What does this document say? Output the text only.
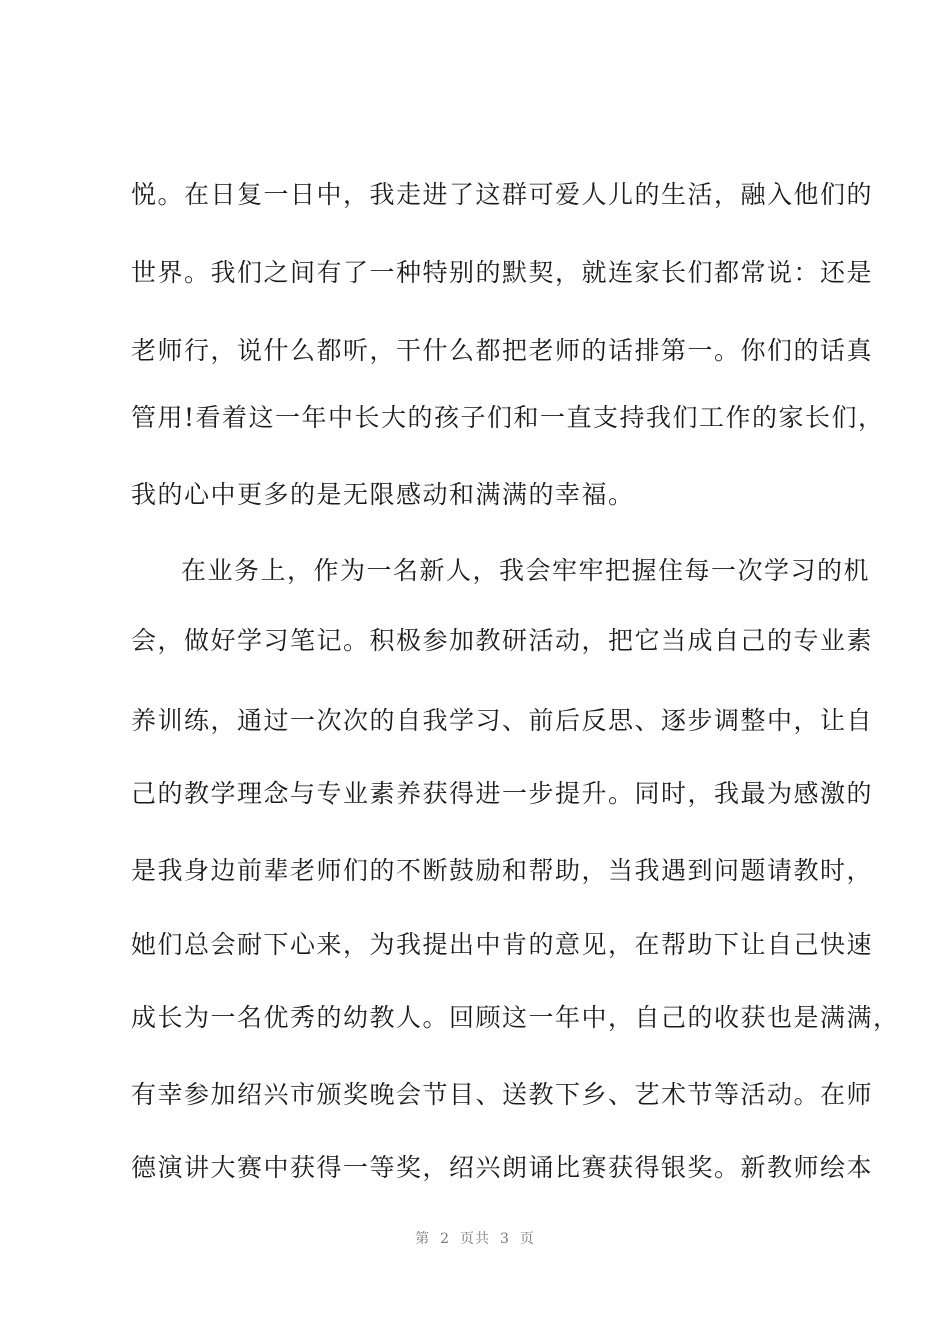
悦。在日复一日中，我走进了这群可爱人儿的生活，融入他们的
世界。我们之间有了一种特别的默契，就连家长们都常说：还是
老师行，说什么都听，干什么都把老师的话排第一。你们的话真
管用!看着这一年中长大的孩子们和一直支持我们工作的家长们，
我的心中更多的是无限感动和满满的幸福。
在业务上，作为一名新人，我会牢牢把握住每一次学习的机
会，做好学习笔记。积极参加教研活动，把它当成自己的专业素
养训练，通过一次次的自我学习、前后反思、逐步调整中，让自
己的教学理念与专业素养获得进一步提升。同时，我最为感激的
是我身边前辈老师们的不断鼓励和帮助，当我遇到问题请教时，
她们总会耐下心来，为我提出中肯的意见，在帮助下让自己快速
成长为一名优秀的幼教人。回顾这一年中，自己的收获也是满满，
有幸参加绍兴市颁奖晚会节目、送教下乡、艺术节等活动。在师
德演讲大赛中获得一等奖，绍兴朗诵比赛获得银奖。新教师绘本
第 2 页共 3 页
